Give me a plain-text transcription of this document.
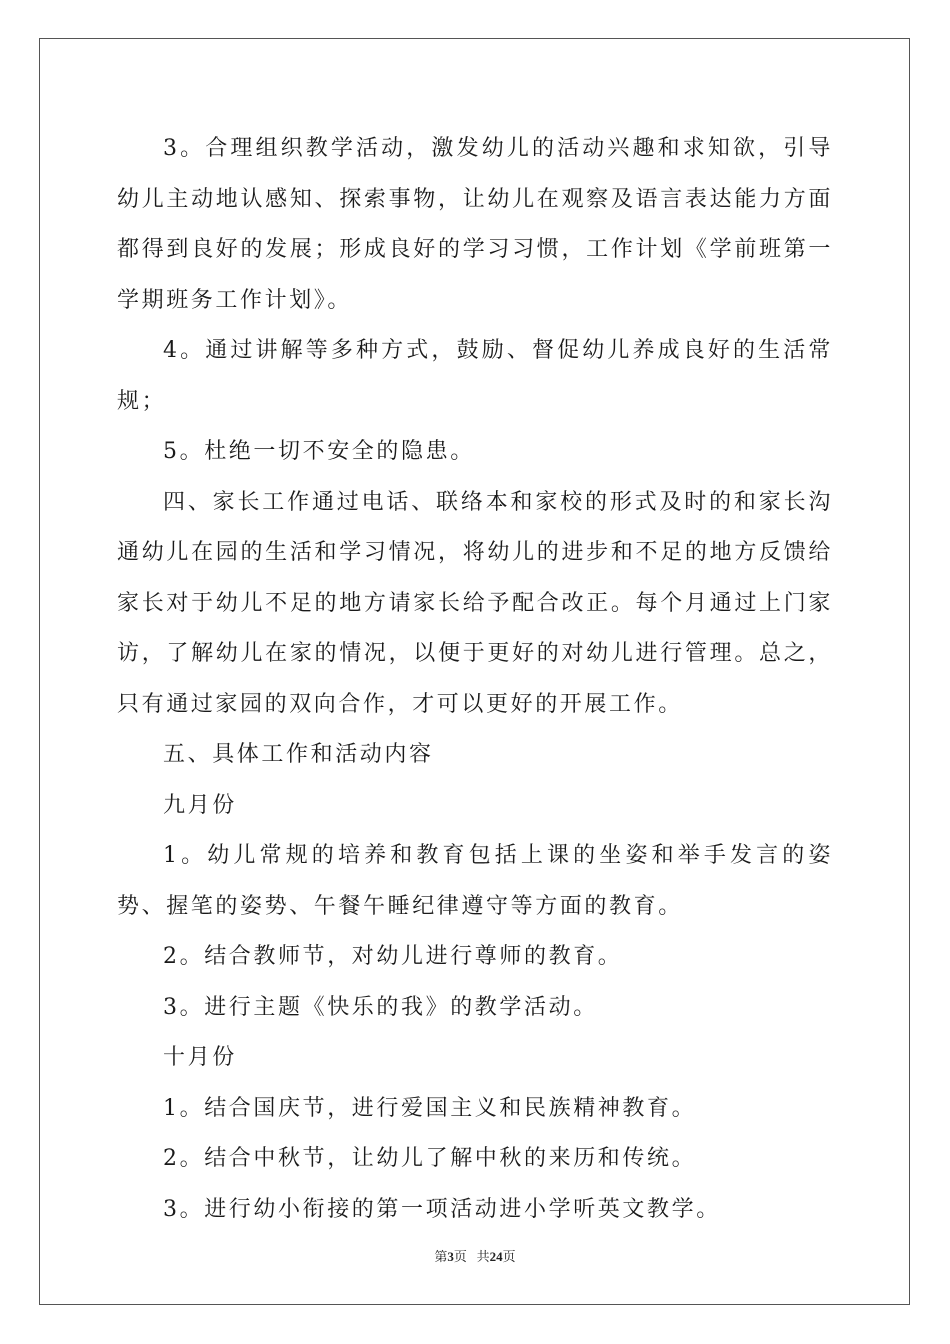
3。合理组织教学活动，激发幼儿的活动兴趣和求知欲，引导幼儿主动地认感知、探索事物，让幼儿在观察及语言表达能力方面都得到良好的发展；形成良好的学习习惯，工作计划《学前班第一学期班务工作计划》。

4。通过讲解等多种方式，鼓励、督促幼儿养成良好的生活常规；

5。杜绝一切不安全的隐患。

四、家长工作通过电话、联络本和家校的形式及时的和家长沟通幼儿在园的生活和学习情况，将幼儿的进步和不足的地方反馈给家长对于幼儿不足的地方请家长给予配合改正。每个月通过上门家访，了解幼儿在家的情况，以便于更好的对幼儿进行管理。总之，只有通过家园的双向合作，才可以更好的开展工作。

五、具体工作和活动内容

九月份

1。幼儿常规的培养和教育包括上课的坐姿和举手发言的姿势、握笔的姿势、午餐午睡纪律遵守等方面的教育。

2。结合教师节，对幼儿进行尊师的教育。

3。进行主题《快乐的我》的教学活动。

十月份

1。结合国庆节，进行爱国主义和民族精神教育。

2。结合中秋节，让幼儿了解中秋的来历和传统。

3。进行幼小衔接的第一项活动进小学听英文教学。

第3页 共24页
